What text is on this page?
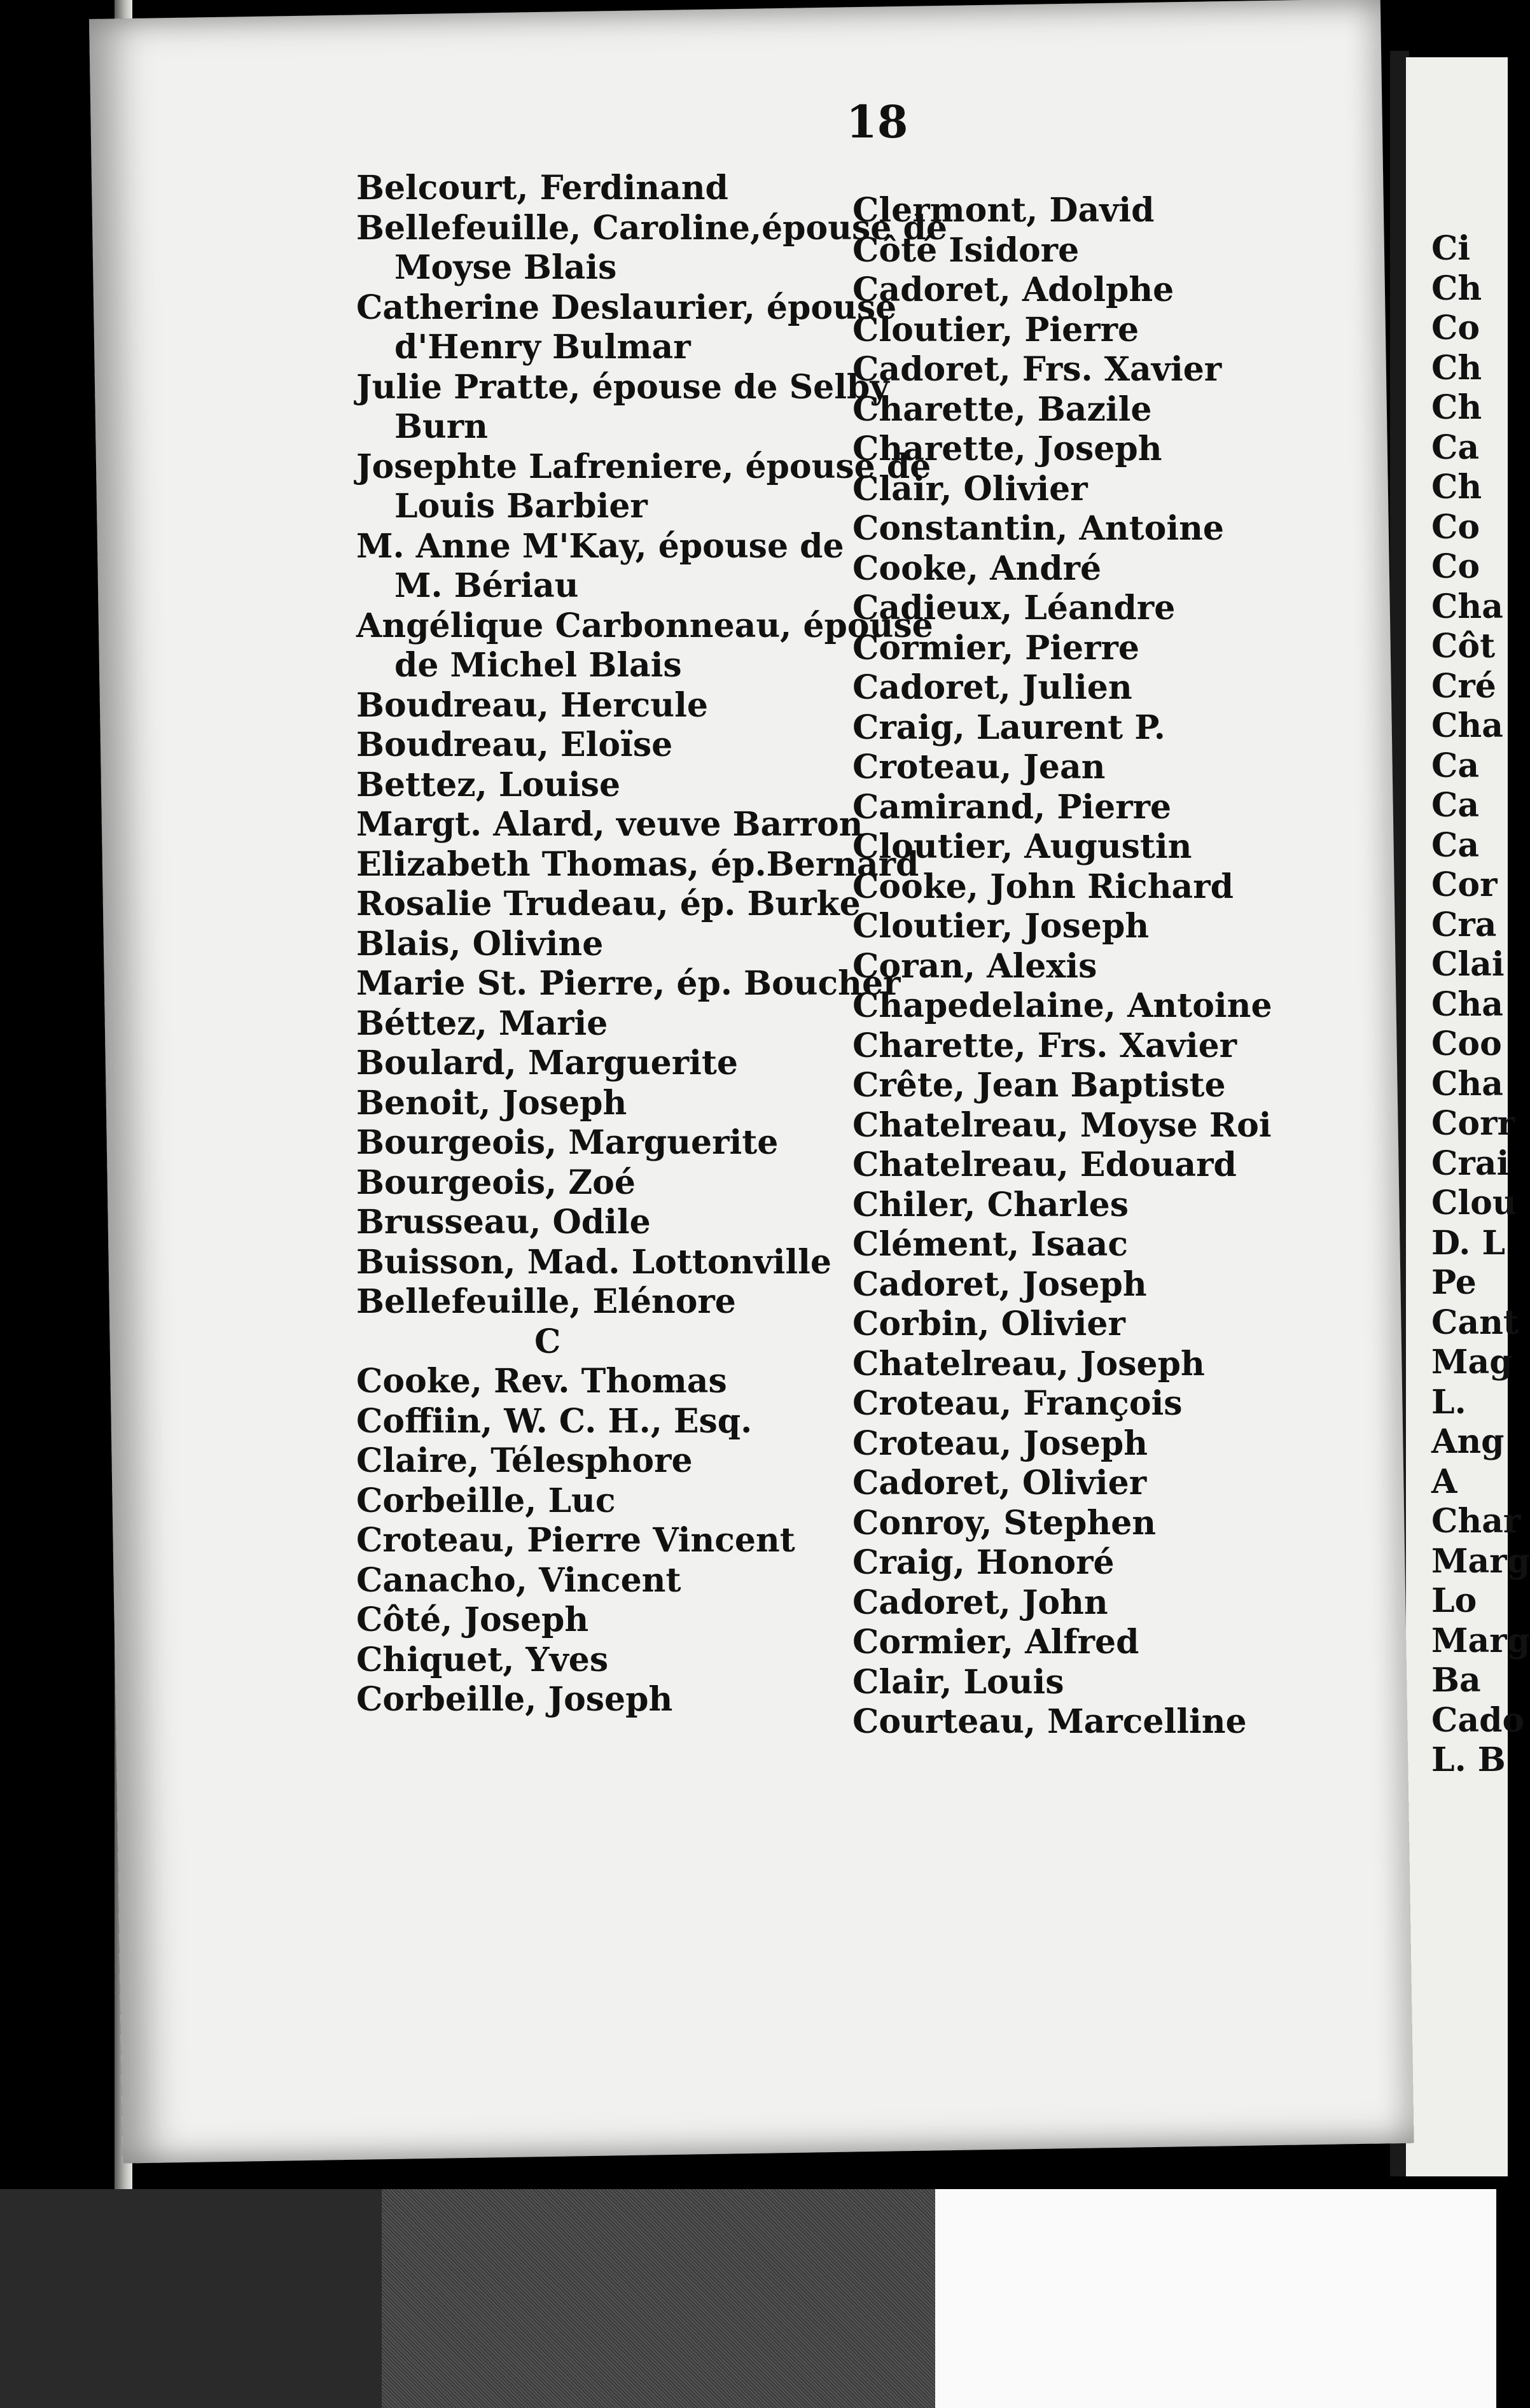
18
Belcourt, Ferdinand
Bellefeuille, Caroline,épouse de
Moyse Blais
Catherine Deslaurier, épouse
d'Henry Bulmar
Julie Pratte, épouse de Selby
Burn
Josephte Lafreniere, épouse de
Louis Barbier
M. Anne M'Kay, épouse de
M. Bériau
Angélique Carbonneau, épouse
de Michel Blais
Boudreau, Hercule
Boudreau, Eloïse
Bettez, Louise
Margt. Alard, veuve Barron
Elizabeth Thomas, ép.Bernard
Rosalie Trudeau, ép. Burke
Blais, Olivine
Marie St. Pierre, ép. Boucher
Béttez, Marie
Boulard, Marguerite
Benoit, Joseph
Bourgeois, Marguerite
Bourgeois, Zoé
Brusseau, Odile
Buisson, Mad. Lottonville
Bellefeuille, Elénore
C
Cooke, Rev. Thomas
Coffiin, W. C. H., Esq.
Claire, Télesphore
Corbeille, Luc
Croteau, Pierre Vincent
Canacho, Vincent
Côté, Joseph
Chiquet, Yves
Corbeille, Joseph
Clermont, David
Côté Isidore
Cadoret, Adolphe
Cloutier, Pierre
Cadoret, Frs. Xavier
Charette, Bazile
Charette, Joseph
Clair, Olivier
Constantin, Antoine
Cooke, André
Cadieux, Léandre
Cormier, Pierre
Cadoret, Julien
Craig, Laurent P.
Croteau, Jean
Camirand, Pierre
Cloutier, Augustin
Cooke, John Richard
Cloutier, Joseph
Coran, Alexis
Chapedelaine, Antoine
Charette, Frs. Xavier
Crête, Jean Baptiste
Chatelreau, Moyse Roi
Chatelreau, Edouard
Chiler, Charles
Clément, Isaac
Cadoret, Joseph
Corbin, Olivier
Chatelreau, Joseph
Croteau, François
Croteau, Joseph
Cadoret, Olivier
Conroy, Stephen
Craig, Honoré
Cadoret, John
Cormier, Alfred
Clair, Louis
Courteau, Marcelline
Ci
Ch
Co
Ch
Ch
Ca
Ch
Co
Co
Cha
Côt
Cré
Cha
Ca
Ca
Ca
Cor
Cra
Clai
Cha
Coo
Cha
Corr
Crai
Clou
D. L
Pe
Cant
Mag
L.
Ang
A
Char
Marg
Lo
Marg
Ba
Cado
L. B
